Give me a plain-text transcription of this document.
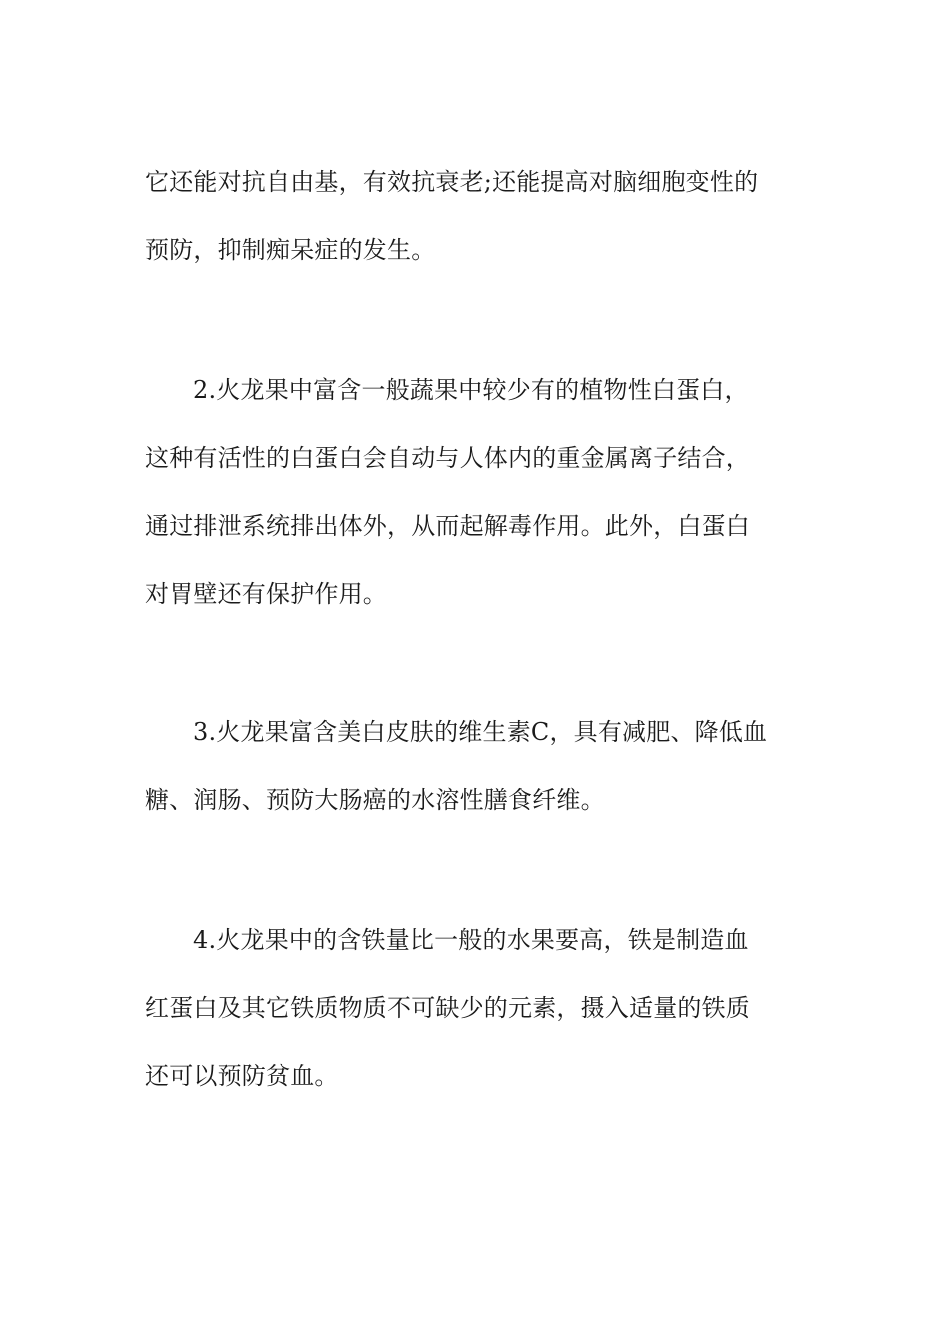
它还能对抗自由基，有效抗衰老;还能提高对脑细胞变性的
预防，抑制痴呆症的发生。
2.火龙果中富含一般蔬果中较少有的植物性白蛋白，
这种有活性的白蛋白会自动与人体内的重金属离子结合，
通过排泄系统排出体外，从而起解毒作用。此外，白蛋白
对胃壁还有保护作用。
3.火龙果富含美白皮肤的维生素C，具有减肥、降低血
糖、润肠、预防大肠癌的水溶性膳食纤维。
4.火龙果中的含铁量比一般的水果要高，铁是制造血
红蛋白及其它铁质物质不可缺少的元素，摄入适量的铁质
还可以预防贫血。
